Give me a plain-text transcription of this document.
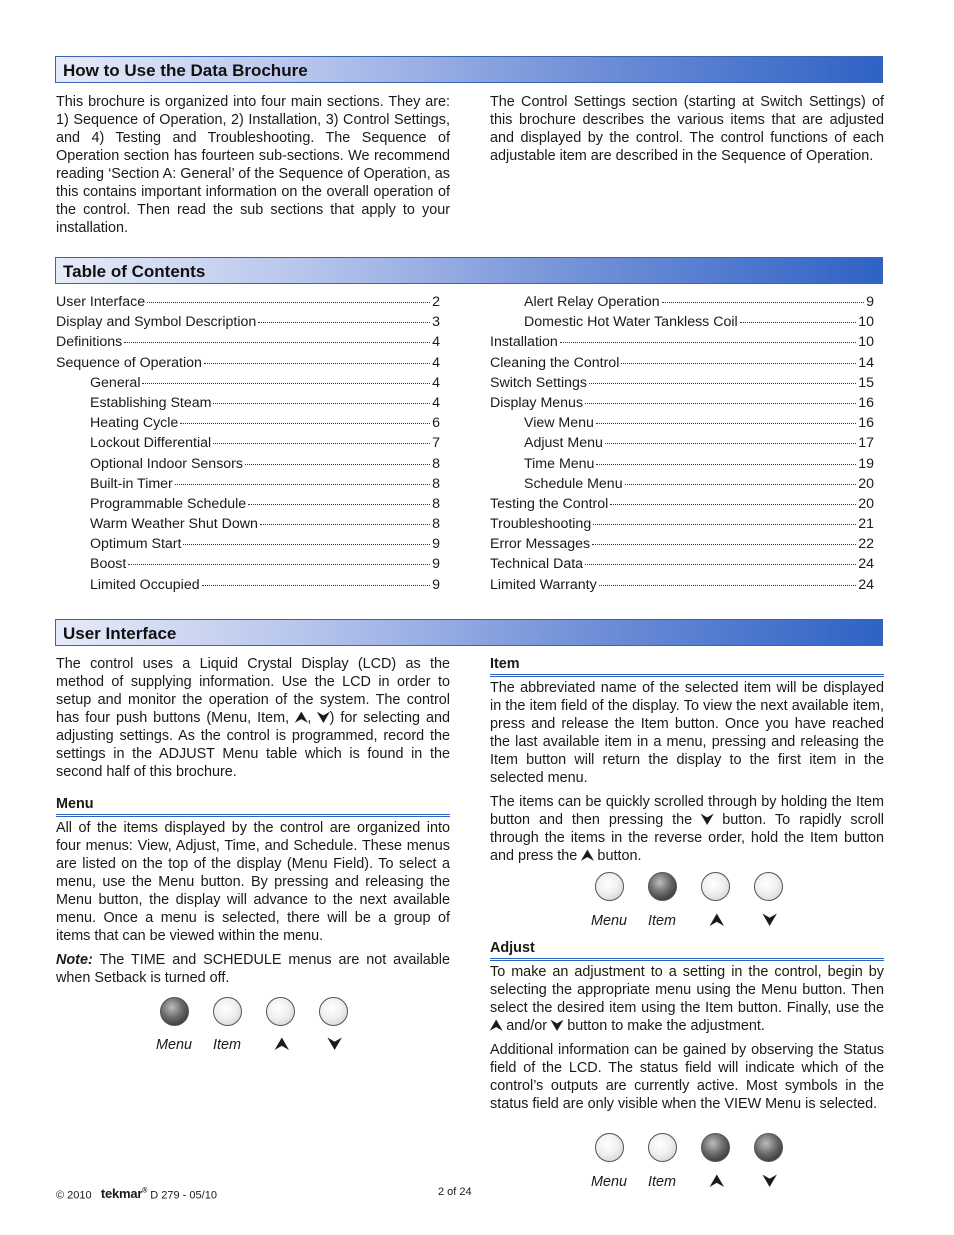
How to Use the Data Brochure

This brochure is organized into four main sections. They are: 1) Sequence of Operation, 2) Installation, 3) Control Settings, and 4) Testing and Troubleshooting. The Sequence of Operation section has fourteen sub-sections. We recommend reading ‘Section A: General’ of the Sequence of Operation, as this contains important information on the overall operation of the control. Then read the sub sections that apply to your installation.

The Control Settings section (starting at Switch Settings) of this brochure describes the various items that are adjusted and displayed by the control. The control functions of each adjustable item are described in the Sequence of Operation.

Table of Contents
User Interface	2
Display and Symbol Description	3
Definitions	4
Sequence of Operation	4
General	4
Establishing Steam	4
Heating Cycle	6
Lockout Differential	7
Optional Indoor Sensors	8
Built-in Timer	8
Programmable Schedule	8
Warm Weather Shut Down	8
Optimum Start	9
Boost	9
Limited Occupied	9
Alert Relay Operation	9
Domestic Hot Water Tankless Coil	10
Installation	10
Cleaning the Control	14
Switch Settings	15
Display Menus	16
View Menu	16
Adjust Menu	17
Time Menu	19
Schedule Menu	20
Testing the Control	20
Troubleshooting	21
Error Messages	22
Technical Data	24
Limited Warranty	24
User Interface

The control uses a Liquid Crystal Display (LCD) as the method of supplying information. Use the LCD in order to setup and monitor the operation of the system. The control has four push buttons (Menu, Item, ⮝, ⮟) for selecting and adjusting settings. As the control is programmed, record the settings in the ADJUST Menu table which is found in the second half of this brochure.

Menu

All of the items displayed by the control are organized into four menus: View, Adjust, Time, and Schedule. These menus are listed on the top of the display (Menu Field). To select a menu, use the Menu button. By pressing and releasing the Menu button, the display will advance to the next available menu. Once a menu is selected, there will be a group of items that can be viewed within the menu.

Note: The TIME and SCHEDULE menus are not available when Setback is turned off.

Item

The abbreviated name of the selected item will be displayed in the item field of the display. To view the next available item, press and release the Item button. Once you have reached the last available item in a menu, pressing and releasing the Item button will return the display to the first item in the selected menu.

The items can be quickly scrolled through by holding the Item button and then pressing the ⮟ button. To rapidly scroll through the items in the reverse order, hold the Item button and press the ⮝ button.

Adjust

To make an adjustment to a setting in the control, begin by selecting the appropriate menu using the Menu button. Then select the desired item using the Item button. Finally, use the ⮝ and/or ⮟ button to make the adjustment.

Additional information can be gained by observing the Status field of the LCD. The status field will indicate which of the control’s outputs are currently active. Most symbols in the status field are only visible when the VIEW Menu is selected.

Menu Item ⮝ ⮟
Menu Item ⮝ ⮟
Menu Item ⮝ ⮟
© 2010 tekmar® D 279 - 05/10	2 of 24
